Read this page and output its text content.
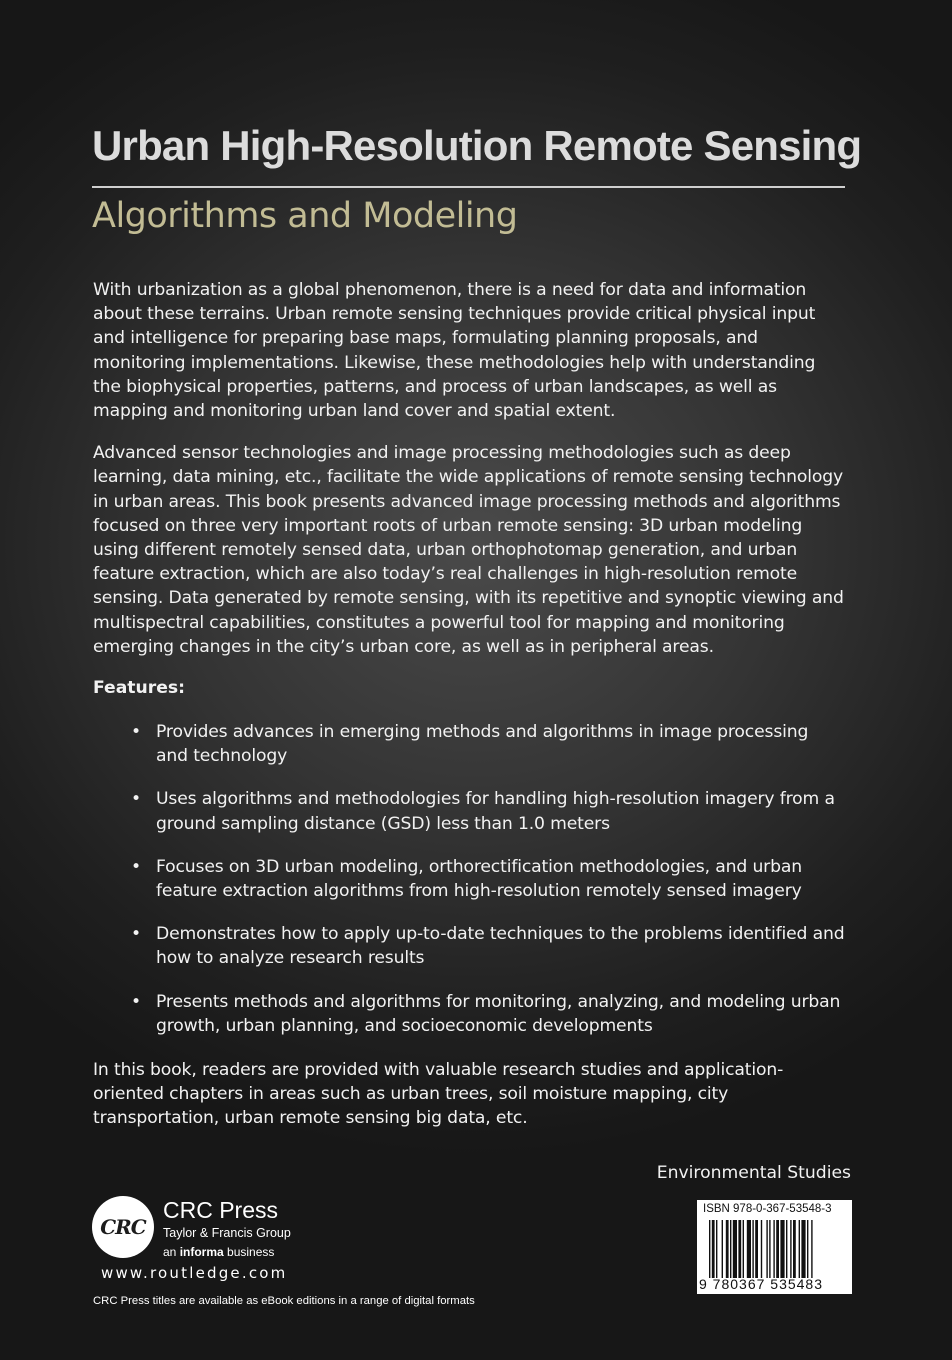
Urban High-Resolution Remote Sensing
Algorithms and Modeling

With urbanization as a global phenomenon, there is a need for data and information about these terrains. Urban remote sensing techniques provide critical physical input and intelligence for preparing base maps, formulating planning proposals, and monitoring implementations. Likewise, these methodologies help with understanding the biophysical properties, patterns, and process of urban landscapes, as well as mapping and monitoring urban land cover and spatial extent.

Advanced sensor technologies and image processing methodologies such as deep learning, data mining, etc., facilitate the wide applications of remote sensing technology in urban areas. This book presents advanced image processing methods and algorithms focused on three very important roots of urban remote sensing: 3D urban modeling using different remotely sensed data, urban orthophotomap generation, and urban feature extraction, which are also today’s real challenges in high-resolution remote sensing. Data generated by remote sensing, with its repetitive and synoptic viewing and multispectral capabilities, constitutes a powerful tool for mapping and monitoring emerging changes in the city’s urban core, as well as in peripheral areas.

Features:
• Provides advances in emerging methods and algorithms in image processing and technology
• Uses algorithms and methodologies for handling high-resolution imagery from a ground sampling distance (GSD) less than 1.0 meters
• Focuses on 3D urban modeling, orthorectification methodologies, and urban feature extraction algorithms from high-resolution remotely sensed imagery
• Demonstrates how to apply up-to-date techniques to the problems identified and how to analyze research results
• Presents methods and algorithms for monitoring, analyzing, and modeling urban growth, urban planning, and socioeconomic developments
In this book, readers are provided with valuable research studies and application-oriented chapters in areas such as urban trees, soil moisture mapping, city transportation, urban remote sensing big data, etc.
Environmental Studies
CRC
CRC Press
Taylor & Francis Group
an informa business
www.routledge.com
CRC Press titles are available as eBook editions in a range of digital formats
ISBN 978-0-367-53548-3
9 780367 535483
